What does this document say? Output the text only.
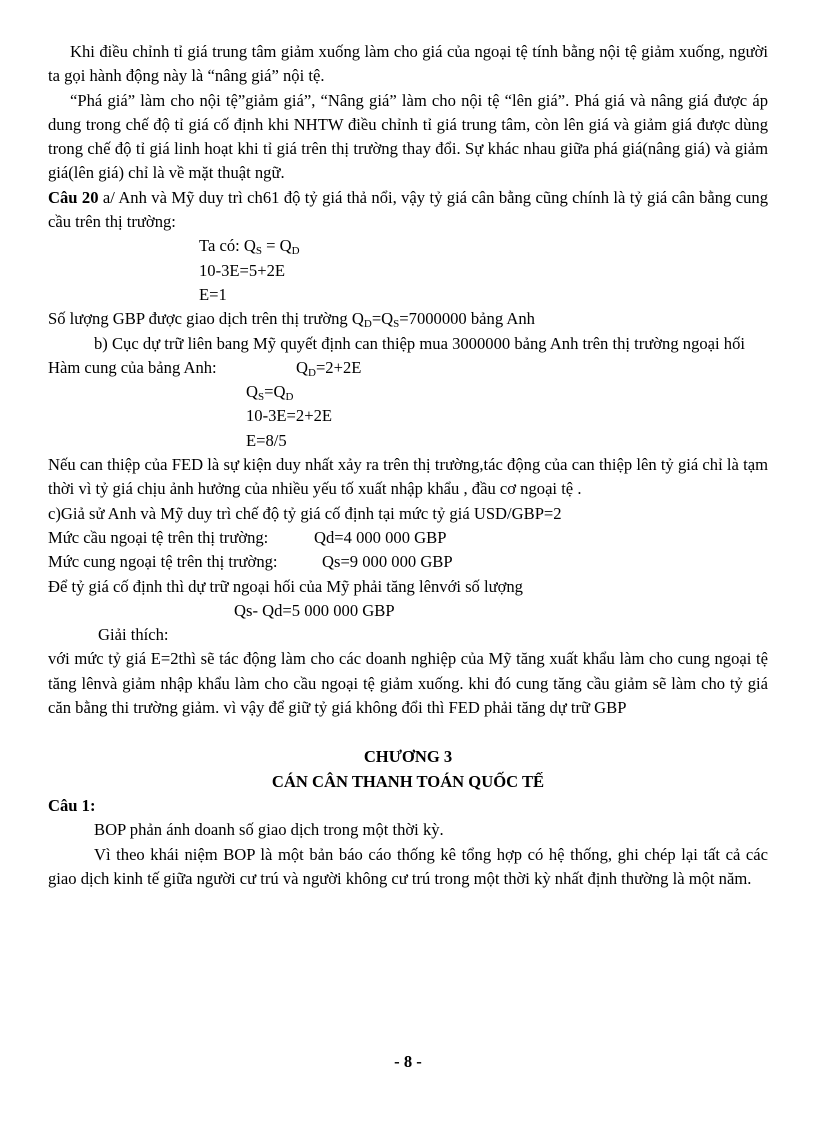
Khi điều chỉnh tỉ giá trung tâm giảm xuống làm cho giá của ngoại tệ tính bằng nội tệ giảm xuống, người ta gọi hành động này là “nâng giá” nội tệ.

“Phá giá” làm cho nội tệ”giảm giá”, “Nâng giá” làm cho nội tệ “lên giá”. Phá giá và nâng giá được áp dung trong chế độ tỉ giá cố định khi NHTW điều chỉnh tỉ giá trung tâm, còn lên giá và giảm giá được dùng trong chế độ tỉ giá linh hoạt khi tỉ giá trên thị trường thay đổi. Sự khác nhau giữa phá giá(nâng giá) và giảm giá(lên giá) chỉ là về mặt thuật ngữ.

Câu 20 a/ Anh và Mỹ duy trì ch61 độ tỷ giá thả nổi, vậy tỷ giá cân bằng cũng chính là tỷ giá cân bằng cung cầu trên thị trường:

Ta có: $Q_S = Q_D$

10-3E=5+2E

E=1

Số lượng GBP được giao dịch trên thị trường $Q_D=Q_S=7000000$ bảng Anh

b) Cục dự trữ liên bang Mỹ quyết định can thiệp mua 3000000 bảng Anh trên thị trường ngoại hối

Hàm cung của bảng Anh:	$Q_D=2+2E$

$Q_S=Q_D$

10-3E=2+2E

E=8/5

Nếu can thiệp của FED là sự kiện duy nhất xảy ra trên thị trường,tác động của can thiệp lên tỷ giá chỉ là tạm thời vì tỷ giá chịu ảnh hưởng của nhiều yếu tố xuất nhập khẩu , đầu cơ ngoại tệ .

c)Giả sử Anh và Mỹ duy trì chế độ tỷ giá cố định tại mức tỷ giá USD/GBP=2

Mức cầu ngoại tệ trên thị trường:	Qd=4 000 000 GBP

Mức cung ngoại tệ trên thị trường:	Qs=9 000 000 GBP

Để tỷ giá cố định thì dự trữ ngoại hối của Mỹ phải tăng lênvới số lượng

Qs- Qd=5 000 000 GBP

Giải thích:

với mức tỷ giá E=2thì sẽ tác động làm cho các doanh nghiệp của Mỹ tăng xuất khẩu làm cho cung ngoại tệ tăng lênvà giảm nhập khẩu làm cho cầu ngoại tệ giảm xuống. khi đó cung tăng cầu giảm sẽ làm cho tỷ giá căn bằng thi trường giảm. vì vậy để giữ tỷ giá không đổi thì FED phải tăng dự trữ GBP

CHƯƠNG 3

CÁN CÂN THANH TOÁN QUỐC TẾ

Câu 1:

BOP phản ánh doanh số giao dịch trong một thời kỳ.

Vì theo khái niệm BOP là một bản báo cáo thống kê tổng hợp có hệ thống, ghi chép lại tất cả các giao dịch kinh tế giữa người cư trú và người không cư trú trong một thời kỳ nhất định thường là một năm.

- 8 -
